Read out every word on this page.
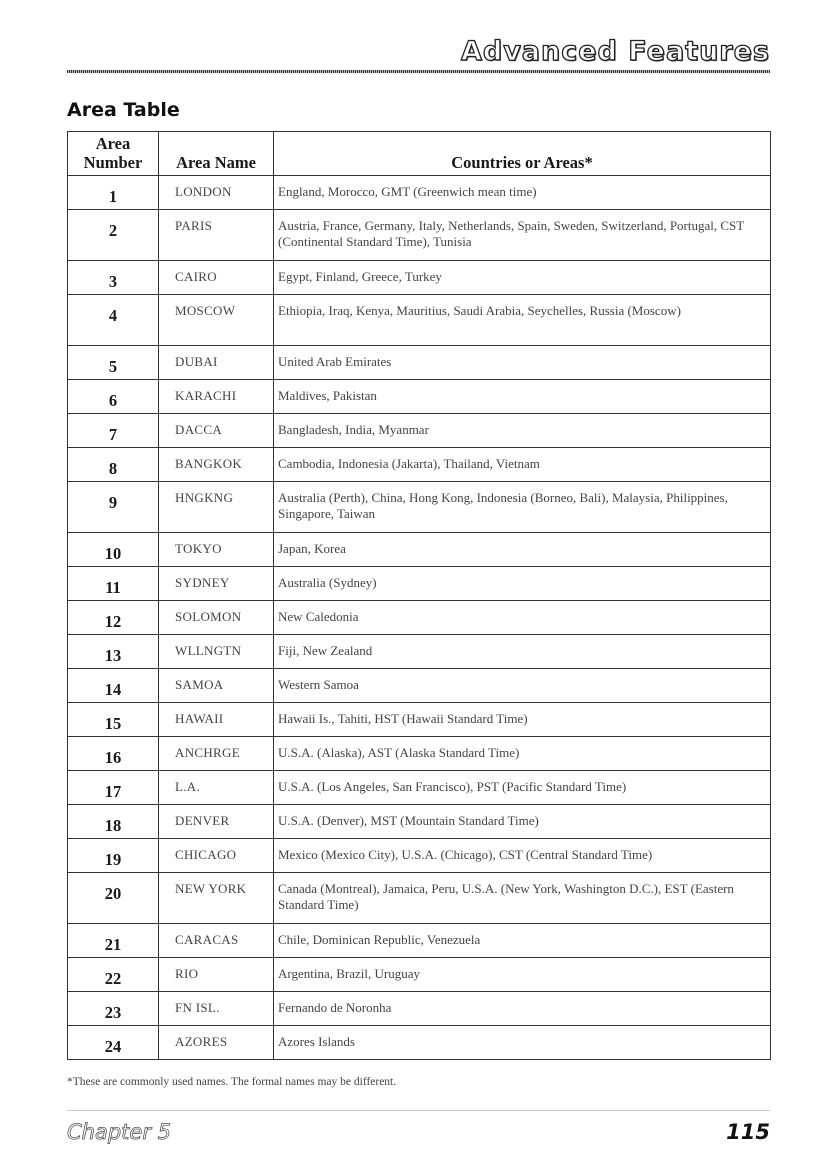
Advanced Features
Area Table
Area
Number	Area Name	Countries or Areas*
1	LONDON	England, Morocco, GMT (Greenwich mean time)
2	PARIS	Austria, France, Germany, Italy, Netherlands, Spain, Sweden, Switzerland, Portugal, CST (Continental Standard Time), Tunisia
3	CAIRO	Egypt, Finland, Greece, Turkey
4	MOSCOW	Ethiopia, Iraq, Kenya, Mauritius, Saudi Arabia, Seychelles, Russia (Moscow)
5	DUBAI	United Arab Emirates
6	KARACHI	Maldives, Pakistan
7	DACCA	Bangladesh, India, Myanmar
8	BANGKOK	Cambodia, Indonesia (Jakarta), Thailand, Vietnam
9	HNGKNG	Australia (Perth), China, Hong Kong, Indonesia (Borneo, Bali), Malaysia, Philippines, Singapore, Taiwan
10	TOKYO	Japan, Korea
11	SYDNEY	Australia (Sydney)
12	SOLOMON	New Caledonia
13	WLLNGTN	Fiji, New Zealand
14	SAMOA	Western Samoa
15	HAWAII	Hawaii Is., Tahiti, HST (Hawaii Standard Time)
16	ANCHRGE	U.S.A. (Alaska), AST (Alaska Standard Time)
17	L.A.	U.S.A. (Los Angeles, San Francisco), PST (Pacific Standard Time)
18	DENVER	U.S.A. (Denver), MST (Mountain Standard Time)
19	CHICAGO	Mexico (Mexico City), U.S.A. (Chicago), CST (Central Standard Time)
20	NEW YORK	Canada (Montreal), Jamaica, Peru, U.S.A. (New York, Washington D.C.), EST (Eastern Standard Time)
21	CARACAS	Chile, Dominican Republic, Venezuela
22	RIO	Argentina, Brazil, Uruguay
23	FN ISL.	Fernando de Noronha
24	AZORES	Azores Islands
*These are commonly used names. The formal names may be different.
Chapter 5	115
